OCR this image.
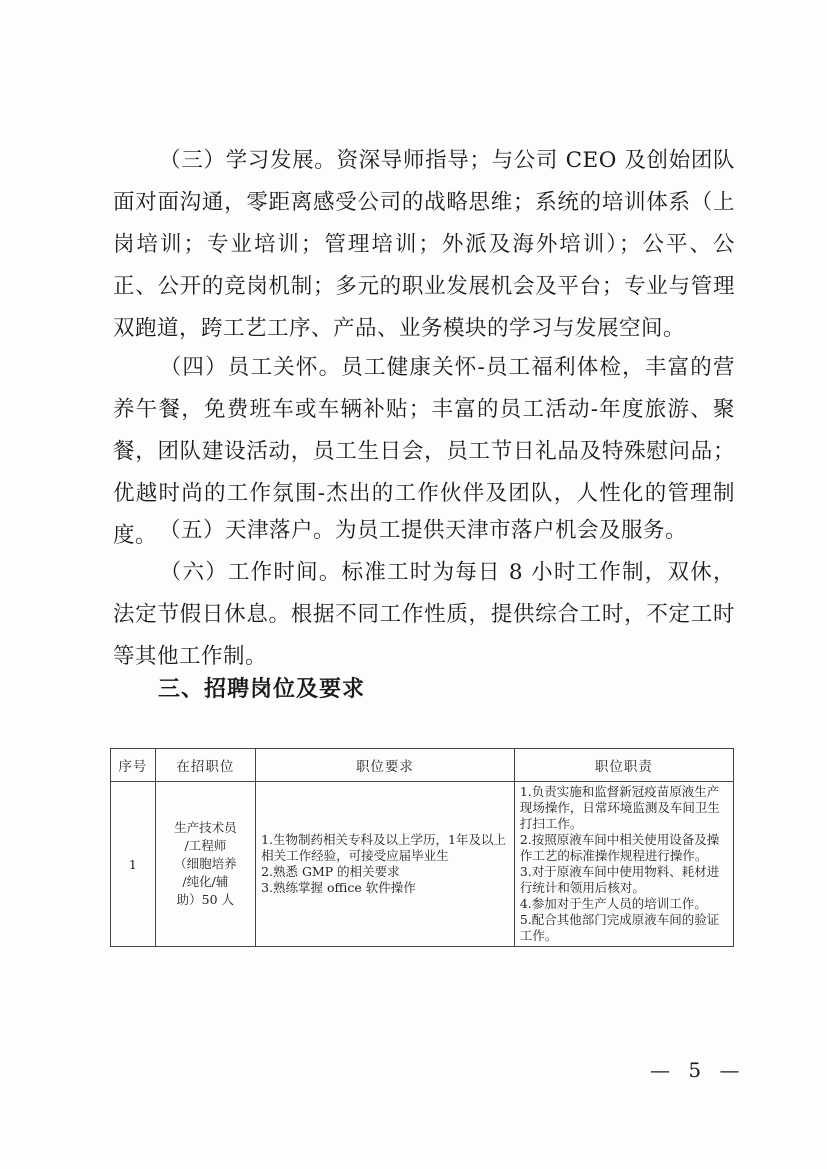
（三）学习发展。资深导师指导；与公司 CEO 及创始团队面对面沟通，零距离感受公司的战略思维；系统的培训体系（上岗培训；专业培训；管理培训；外派及海外培训）；公平、公正、公开的竞岗机制；多元的职业发展机会及平台；专业与管理双跑道，跨工艺工序、产品、业务模块的学习与发展空间。

（四）员工关怀。员工健康关怀-员工福利体检，丰富的营养午餐，免费班车或车辆补贴；丰富的员工活动-年度旅游、聚餐，团队建设活动，员工生日会，员工节日礼品及特殊慰问品；优越时尚的工作氛围-杰出的工作伙伴及团队，人性化的管理制度。 （五）天津落户。为员工提供天津市落户机会及服务。

（六）工作时间。标准工时为每日 8 小时工作制，双休，法定节假日休息。根据不同工作性质，提供综合工时，不定工时等其他工作制。

三、招聘岗位及要求
序号	在招职位	职位要求	职位职责
1	生产技术员
/工程师
（细胞培养
/纯化/辅
助）50 人	1.生物制药相关专科及以上学历，1年及以上相关工作经验，可接受应届毕业生
2.熟悉 GMP 的相关要求
3.熟练掌握 office 软件操作	1.负责实施和监督新冠疫苗原液生产现场操作，日常环境监测及车间卫生打扫工作。
2.按照原液车间中相关使用设备及操作工艺的标准操作规程进行操作。
3.对于原液车间中使用物料、耗材进行统计和领用后核对。
4.参加对于生产人员的培训工作。
5.配合其他部门完成原液车间的验证工作。

— 5 —
